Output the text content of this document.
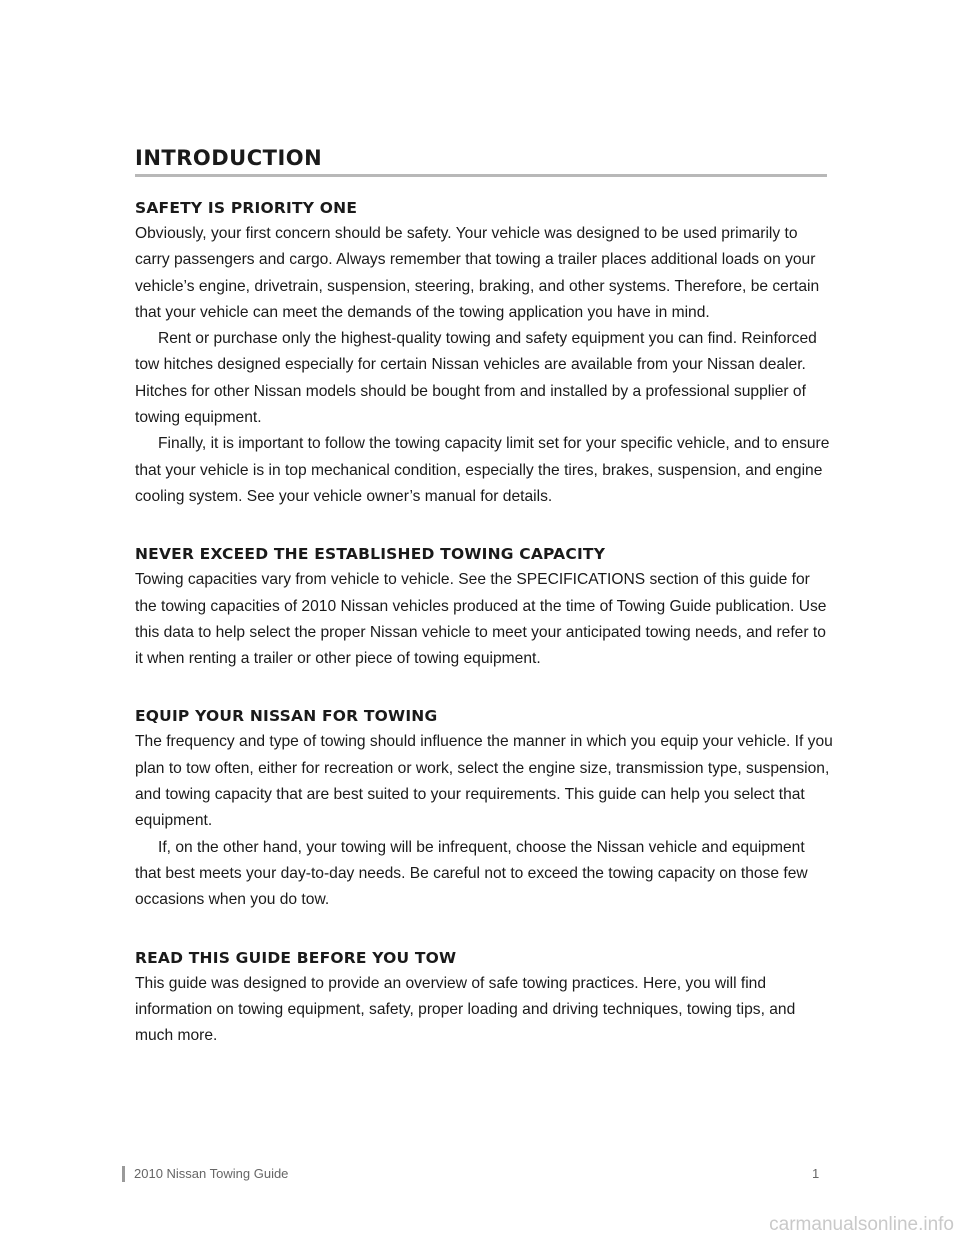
INTRODUCTION
SAFETY IS PRIORITY ONE

Obviously, your first concern should be safety. Your vehicle was designed to be used primarily to carry passengers and cargo. Always remember that towing a trailer places additional loads on your vehicle’s engine, drivetrain, suspension, steering, braking, and other systems. Therefore, be certain that your vehicle can meet the demands of the towing application you have in mind.

Rent or purchase only the highest-quality towing and safety equipment you can find. Reinforced tow hitches designed especially for certain Nissan vehicles are available from your Nissan dealer. Hitches for other Nissan models should be bought from and installed by a professional supplier of towing equipment.

Finally, it is important to follow the towing capacity limit set for your specific vehicle, and to ensure that your vehicle is in top mechanical condition, especially the tires, brakes, suspension, and engine cooling system. See your vehicle owner’s manual for details.

NEVER EXCEED THE ESTABLISHED TOWING CAPACITY

Towing capacities vary from vehicle to vehicle. See the SPECIFICATIONS section of this guide for the towing capacities of 2010 Nissan vehicles produced at the time of Towing Guide publication. Use this data to help select the proper Nissan vehicle to meet your anticipated towing needs, and refer to it when renting a trailer or other piece of towing equipment.

EQUIP YOUR NISSAN FOR TOWING

The frequency and type of towing should influence the manner in which you equip your vehicle. If you plan to tow often, either for recreation or work, select the engine size, transmission type, suspension, and towing capacity that are best suited to your requirements. This guide can help you select that equipment.

If, on the other hand, your towing will be infrequent, choose the Nissan vehicle and equipment that best meets your day-to-day needs. Be careful not to exceed the towing capacity on those few occasions when you do tow.

READ THIS GUIDE BEFORE YOU TOW

This guide was designed to provide an overview of safe towing practices. Here, you will find information on towing equipment, safety, proper loading and driving techniques, towing tips, and much more.

2010 Nissan Towing Guide	1
carmanualsonline.info
